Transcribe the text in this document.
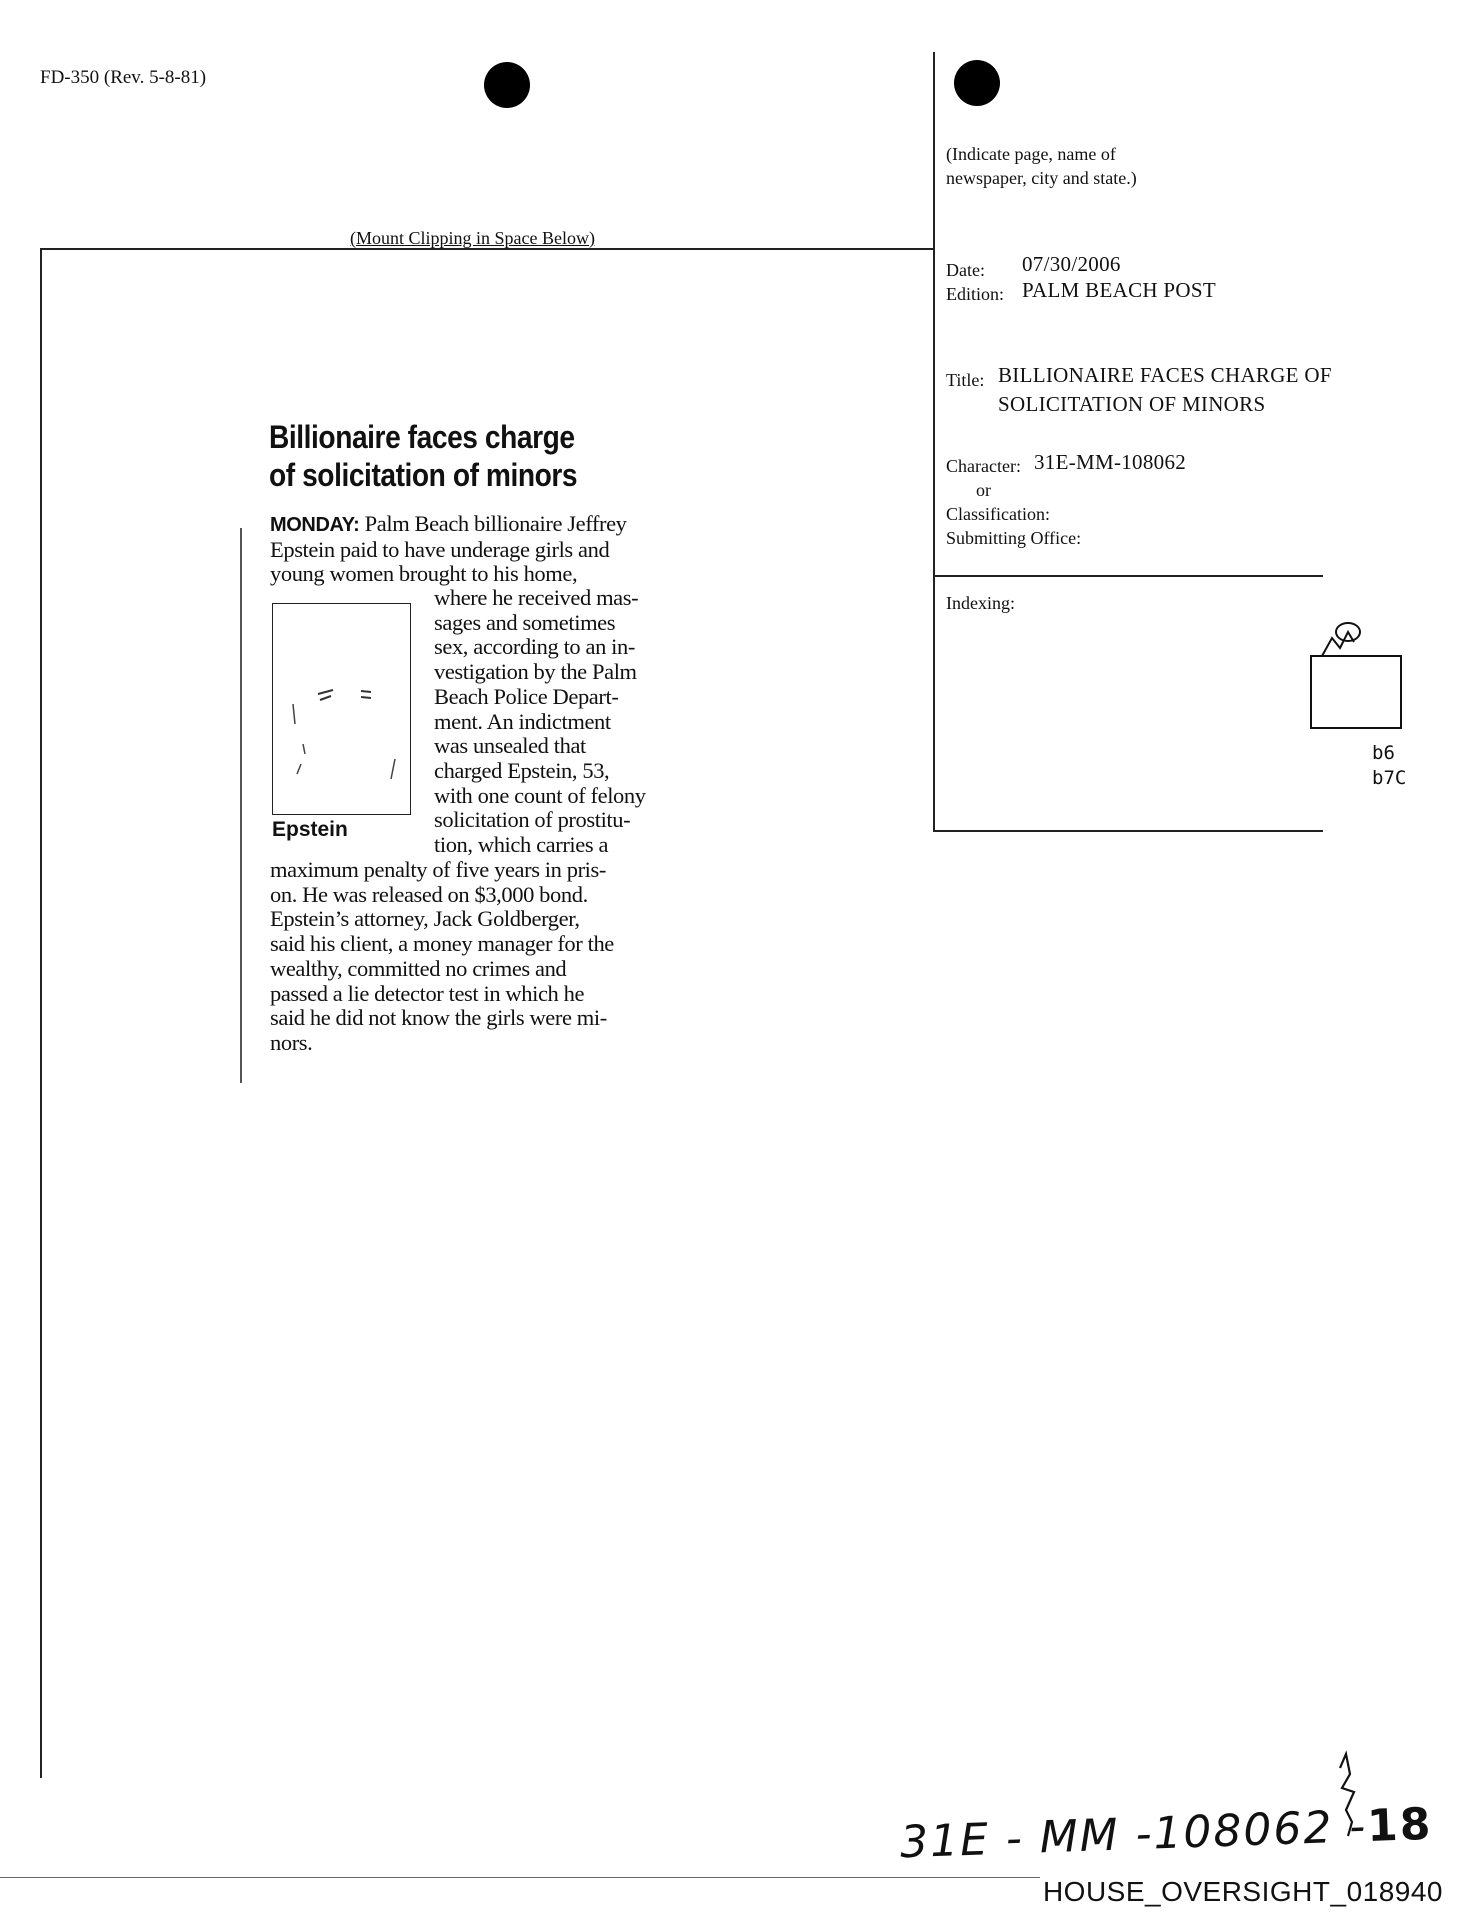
FD-350 (Rev. 5-8-81)
(Indicate page, name of
newspaper, city and state.)
(Mount Clipping in Space Below)
Date: 07/30/2006
Edition: PALM BEACH POST
Title: BILLIONAIRE FACES CHARGE OF
SOLICITATION OF MINORS
Character: 31E-MM-108062
or
Classification:
Submitting Office:
Indexing:
b6
b7C
Billionaire faces charge
of solicitation of minors
MONDAY: Palm Beach billionaire Jeffrey
Epstein paid to have underage girls and
young women brought to his home,
Epstein
where he received mas-
sages and sometimes
sex, according to an in-
vestigation by the Palm
Beach Police Depart-
ment. An indictment
was unsealed that
charged Epstein, 53,
with one count of felony
solicitation of prostitu-
tion, which carries a
maximum penalty of five years in pris-
on. He was released on $3,000 bond.
Epstein’s attorney, Jack Goldberger,
said his client, a money manager for the
wealthy, committed no crimes and
passed a lie detector test in which he
said he did not know the girls were mi-
nors.
31E - MM -108062 -18
HOUSE_OVERSIGHT_018940
